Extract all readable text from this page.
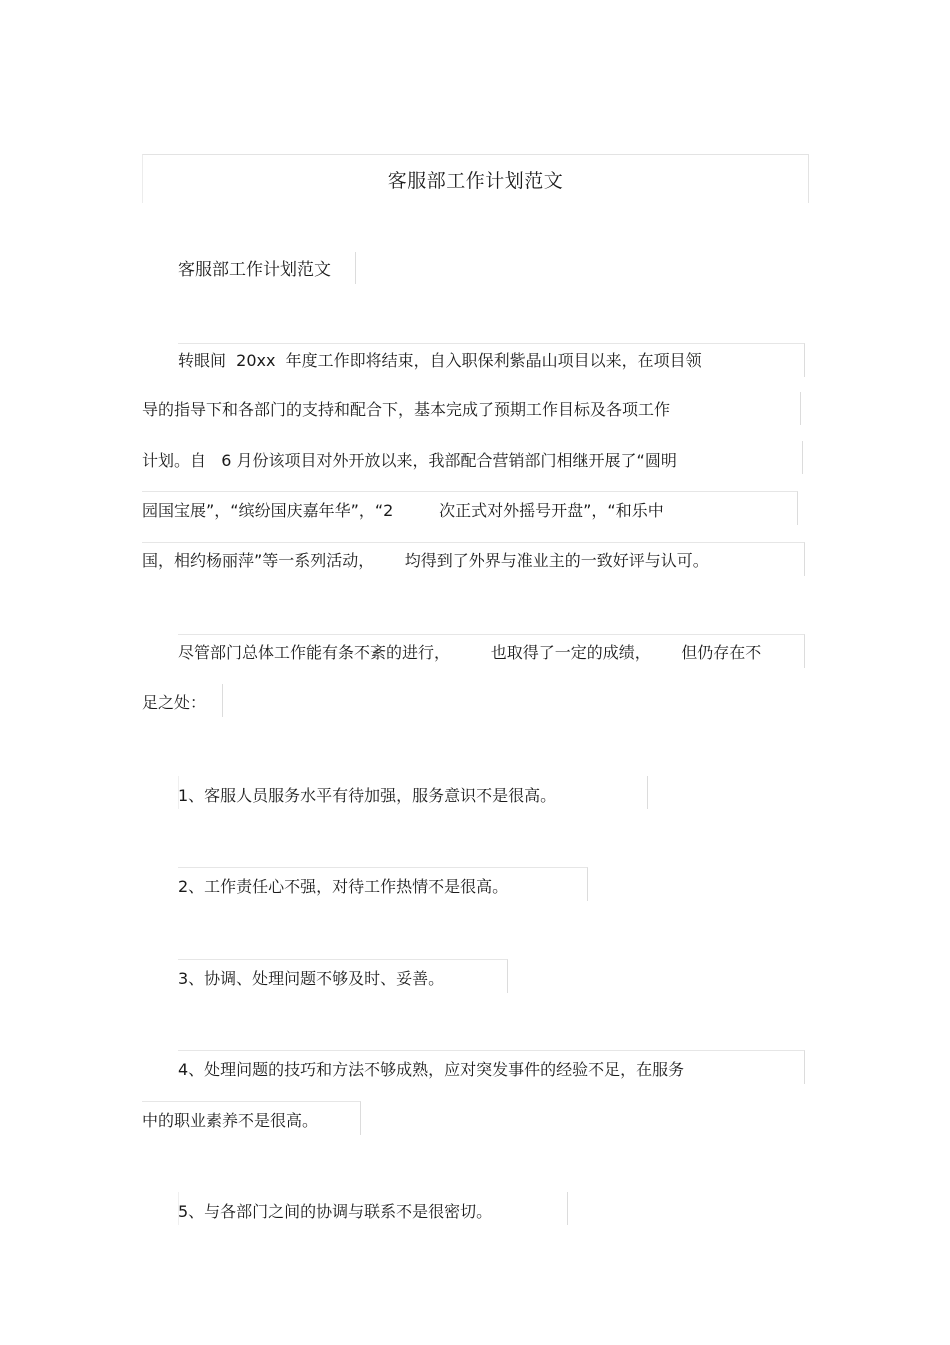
客服部工作计划范文
客服部工作计划范文
转眼间  20xx  年度工作即将结束，自入职保利紫晶山项目以来，在项目领
导的指导下和各部门的支持和配合下，基本完成了预期工作目标及各项工作
计划。自   6 月份该项目对外开放以来，我部配合营销部门相继开展了“圆明
园国宝展”，“缤纷国庆嘉年华”，“2         次正式对外摇号开盘”，“和乐中
国，相约杨丽萍”等一系列活动，      均得到了外界与准业主的一致好评与认可。
尽管部门总体工作能有条不紊的进行，        也取得了一定的成绩，      但仍存在不
足之处：
1、客服人员服务水平有待加强，服务意识不是很高。
2、工作责任心不强，对待工作热情不是很高。
3、协调、处理问题不够及时、妥善。
4、处理问题的技巧和方法不够成熟，应对突发事件的经验不足，在服务
中的职业素养不是很高。
5、与各部门之间的协调与联系不是很密切。
